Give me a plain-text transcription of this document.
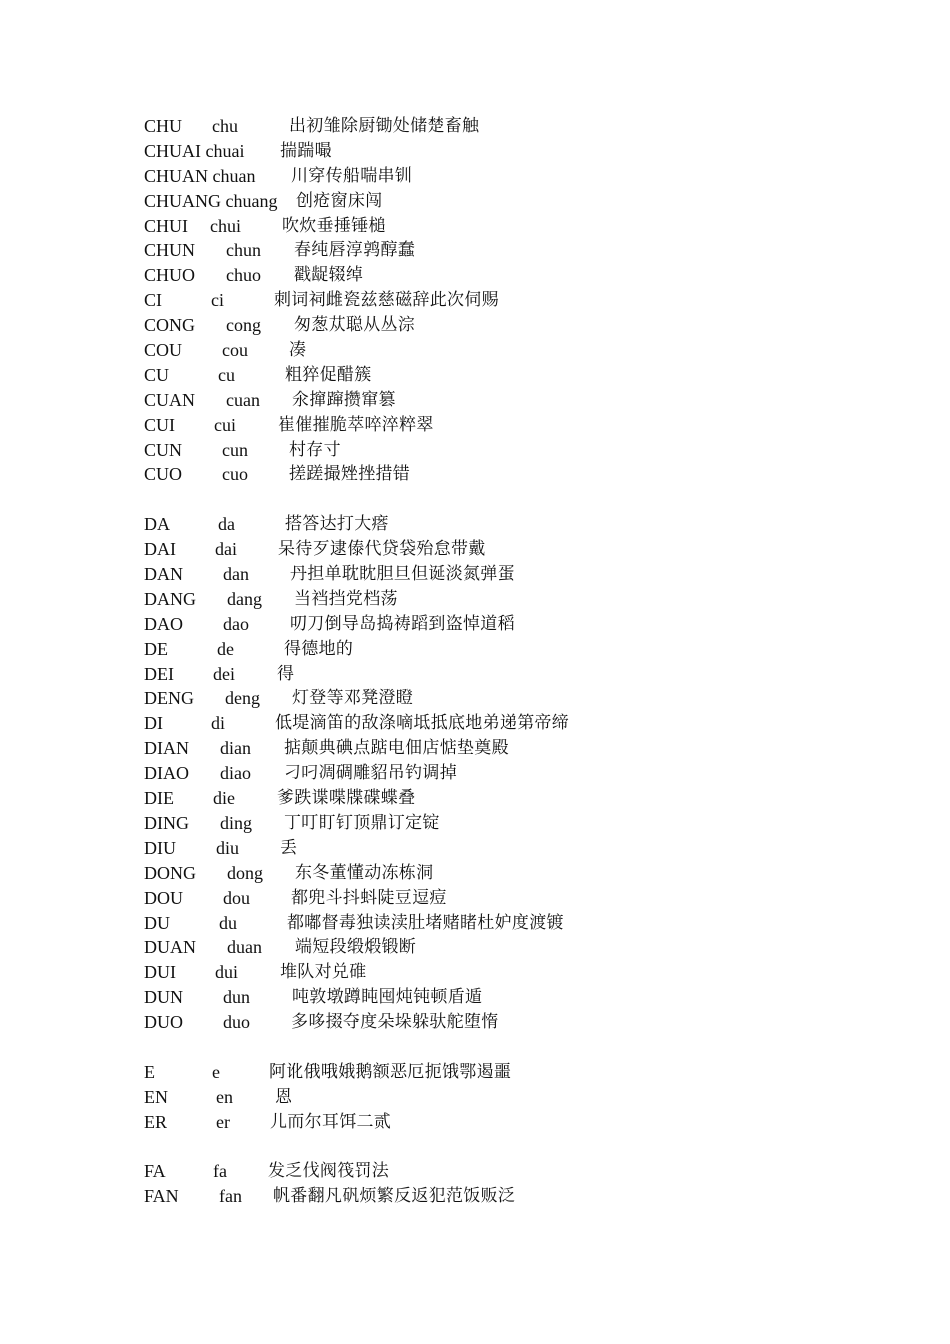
CHU chu	出初雏除厨锄处储楚畜触
CHUAI chuai 揣踹嘬
CHUAN chuan 川穿传船喘串钏
CHUANG chuang 创疮窗床闯
CHUI chui 吹炊垂捶锤槌
CHUN chun 春纯唇淳鹑醇蠢
CHUO chuo 戳龊辍绰
CI	ci	刺词祠雌瓷兹慈磁辞此次伺赐
CONG cong 匆葱苁聪从丛淙
COU cou 凑
CU	cu	粗猝促醋簇
CUAN cuan 氽撺蹿攒窜篡
CUI cui 崔催摧脆萃啐淬粹翠
CUN cun 村存寸
CUO cuo 搓蹉撮矬挫措错
DA	da	搭答达打大瘩
DAI dai 呆待歹逮傣代贷袋殆怠带戴
DAN dan 丹担单耽眈胆旦但诞淡氮弹蛋
DANG dang 当裆挡党档荡
DAO dao 叨刀倒导岛捣祷蹈到盗悼道稻
DE	de	得德地的
DEI dei 得
DENG deng 灯登等邓凳澄瞪
DI	di	低堤滴笛的敌涤嘀坻抵底地弟递第帝缔
DIAN dian 掂颠典碘点踮电佃店惦垫奠殿
DIAO diao 刁叼凋碉雕貂吊钓调掉
DIE die 爹跌谍喋牒碟蝶叠
DING ding 丁叮盯钉顶鼎订定锭
DIU diu 丢
DONG dong 东冬董懂动冻栋洞
DOU dou 都兜斗抖蚪陡豆逗痘
DU	du	都嘟督毒独读渎肚堵赌睹杜妒度渡镀
DUAN duan 端短段缎煅锻断
DUI dui 堆队对兑碓
DUN dun 吨敦墩蹲盹囤炖钝顿盾遁
DUO duo 多哆掇夺度朵垛躲驮舵堕惰
E	e	阿讹俄哦娥鹅额恶厄扼饿鄂遏噩
EN	en 恩
ER	er 儿而尔耳饵二贰
FA	fa 发乏伐阀筏罚法
FAN fan 帆番翻凡矾烦繁反返犯范饭贩泛
